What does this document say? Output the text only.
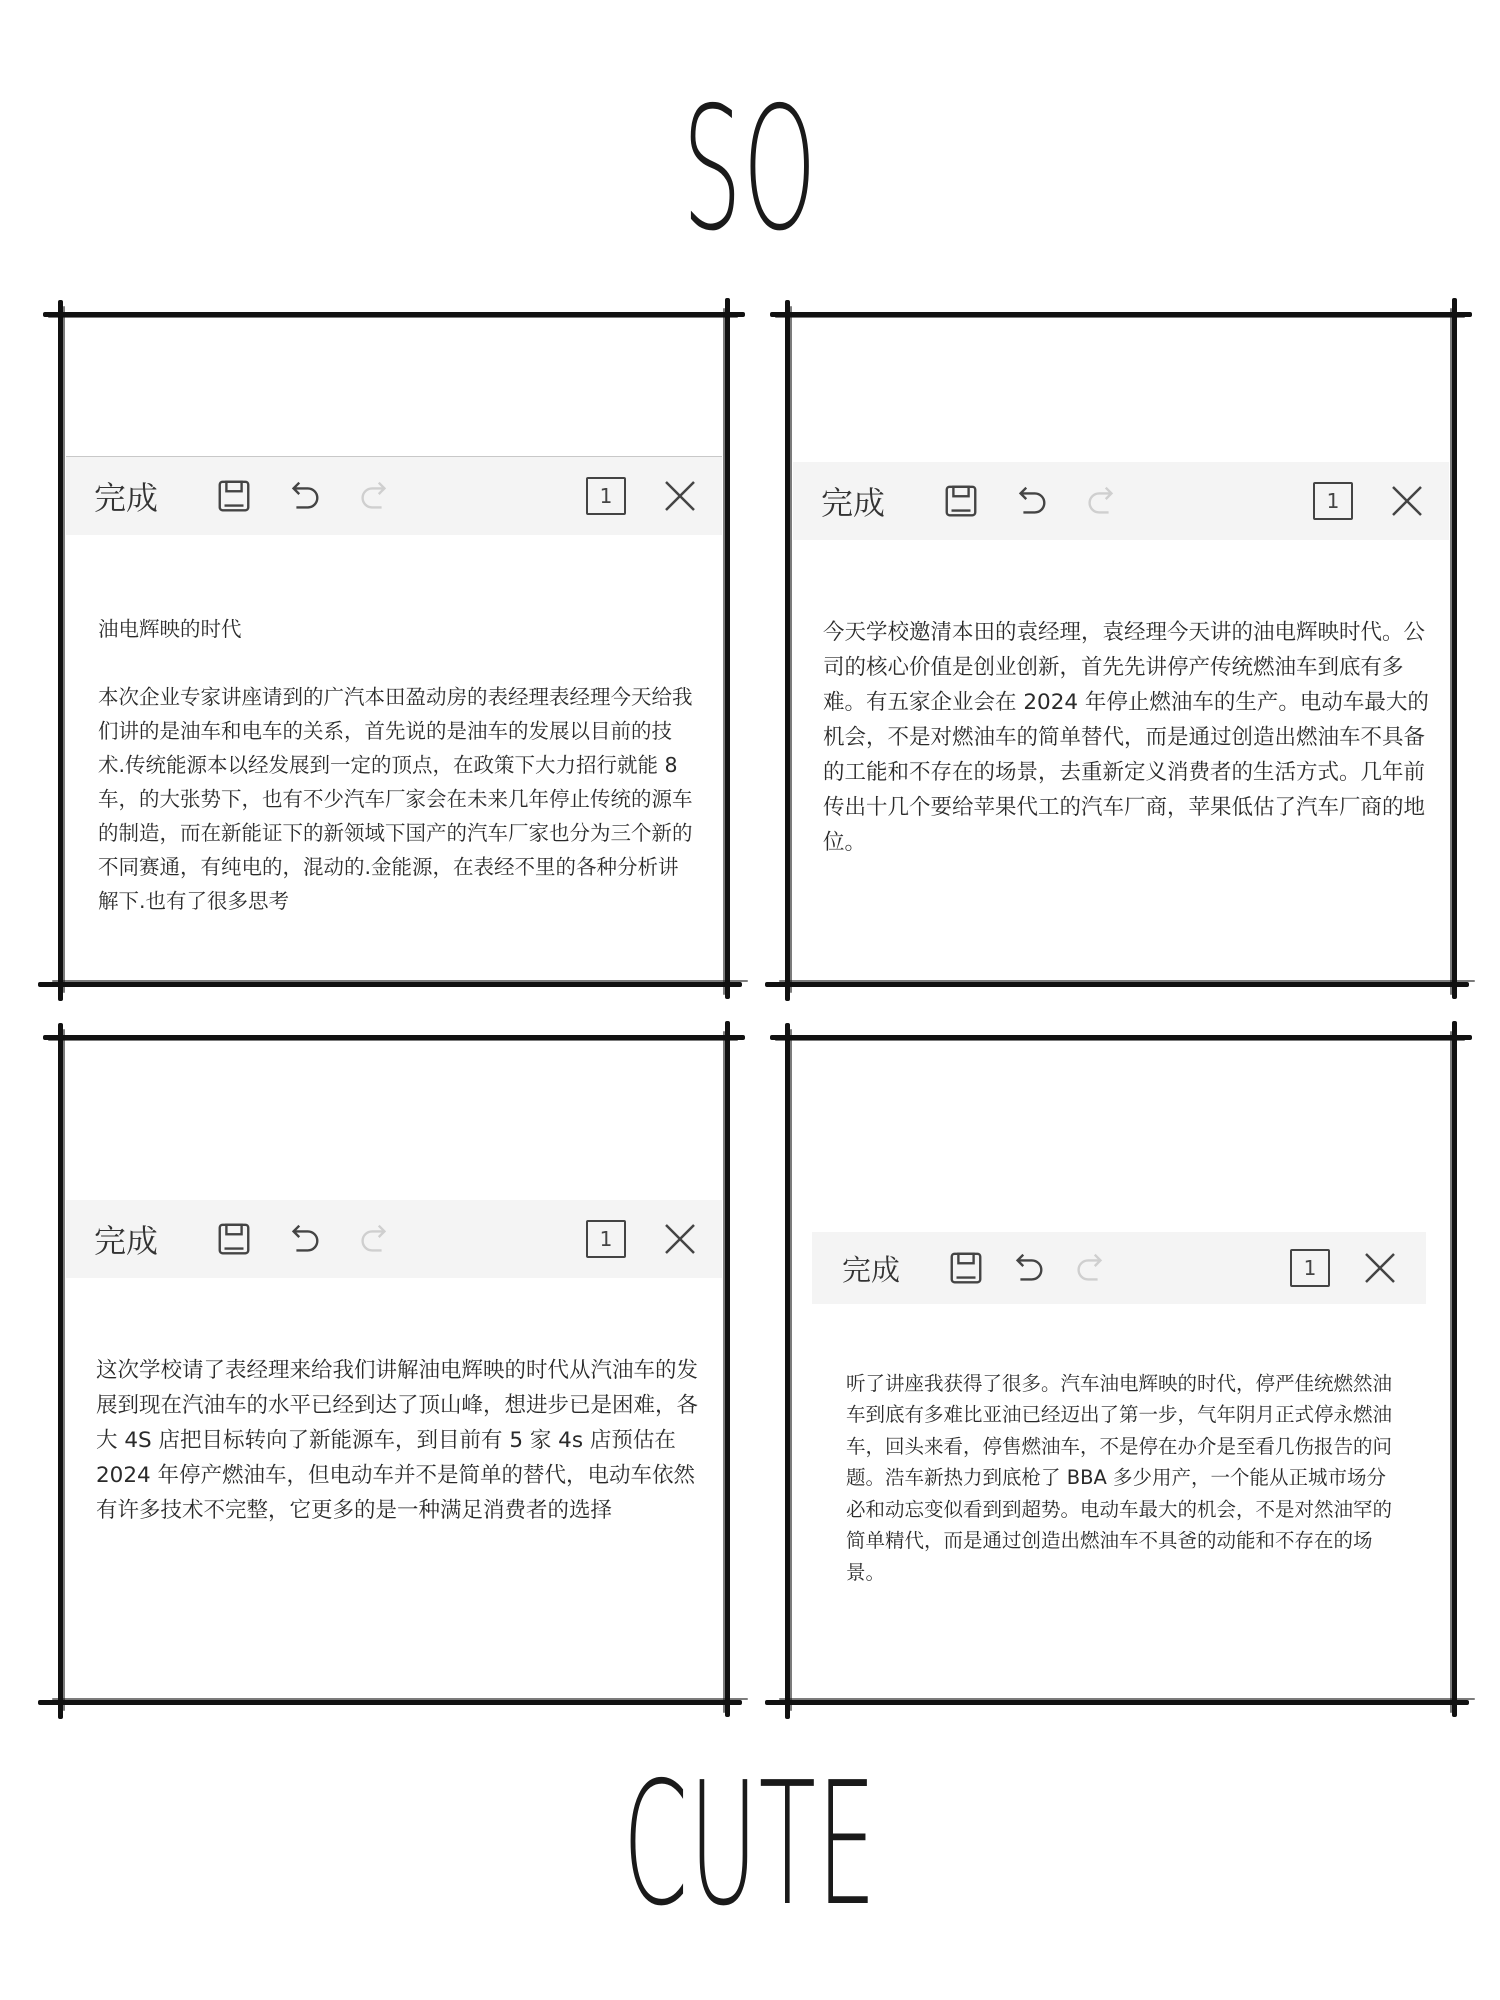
SO
CUTE
完成	1

油电辉映的时代

本次企业专家讲座请到的广汽本田盈动房的表经理表经理今天给我们讲的是油车和电车的关系，首先说的是油车的发展以目前的技术.传统能源本以经发展到一定的顶点，在政策下大力招行就能 8 车，的大张势下，也有不少汽车厂家会在未来几年停止传统的源车的制造，而在新能证下的新领域下国产的汽车厂家也分为三个新的不同赛通，有纯电的，混动的.金能源，在表经不里的各种分析讲解下.也有了很多思考

完成	1

今天学校邀清本田的袁经理，袁经理今天讲的油电辉映时代。公司的核心价值是创业创新，首先先讲停产传统燃油车到底有多难。有五家企业会在 2024 年停止燃油车的生产。电动车最大的机会，不是对燃油车的简单替代，而是通过创造出燃油车不具备的工能和不存在的场景，去重新定义消费者的生活方式。几年前传出十几个要给苹果代工的汽车厂商，苹果低估了汽车厂商的地位。

完成	1

这次学校请了表经理来给我们讲解油电辉映的时代从汽油车的发展到现在汽油车的水平已经到达了顶山峰，想进步已是困难，各大 4S 店把目标转向了新能源车，到目前有 5 家 4s 店预估在 2024 年停产燃油车，但电动车并不是简单的替代，电动车依然有许多技术不完整，它更多的是一种满足消费者的选择

完成	1

听了讲座我获得了很多。汽车油电辉映的时代，停严佳统燃然油车到底有多难比亚油已经迈出了第一步，气年阴月正式停永燃油车，回头来看，停售燃油车，不是停在办介是至看几伤报告的问题。浩车新热力到底枪了 BBA 多少用产，一个能从正城市场分必和动忘变似看到到超势。电动车最大的机会，不是对然油罕的简单精代，而是通过创造出燃油车不具爸的动能和不存在的场景。
